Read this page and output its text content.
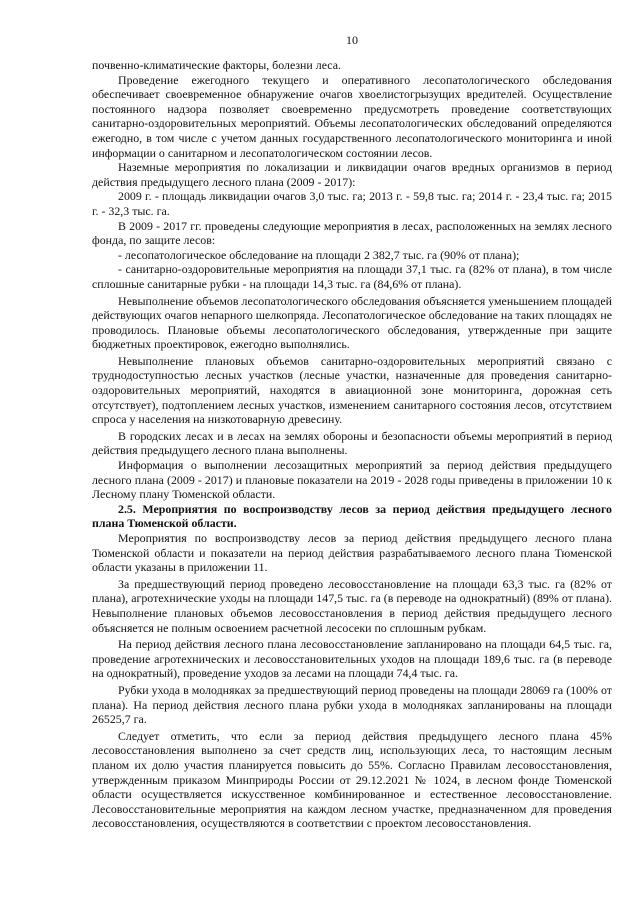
10

почвенно-климатические факторы, болезни леса.

Проведение ежегодного текущего и оперативного лесопатологического обследования обеспечивает своевременное обнаружение очагов хвоелистогрызущих вредителей. Осуществление постоянного надзора позволяет своевременно предусмотреть проведение соответствующих санитарно-оздоровительных мероприятий. Объемы лесопатологических обследований определяются ежегодно, в том числе с учетом данных государственного лесопатологического мониторинга и иной информации о санитарном и лесопатологическом состоянии лесов.

Наземные мероприятия по локализации и ликвидации очагов вредных организмов в период действия предыдущего лесного плана (2009 - 2017):

2009 г. - площадь ликвидации очагов 3,0 тыс. га; 2013 г. - 59,8 тыс. га; 2014 г. - 23,4 тыс. га; 2015 г. - 32,3 тыс. га.

В 2009 - 2017 гг. проведены следующие мероприятия в лесах, расположенных на землях лесного фонда, по защите лесов:

- лесопатологическое обследование на площади 2 382,7 тыс. га (90% от плана);

- санитарно-оздоровительные мероприятия на площади 37,1 тыс. га (82% от плана), в том числе сплошные санитарные рубки - на площади 14,3 тыс. га (84,6% от плана).

Невыполнение объемов лесопатологического обследования объясняется уменьшением площадей действующих очагов непарного шелкопряда. Лесопатологическое обследование на таких площадях не проводилось. Плановые объемы лесопатологического обследования, утвержденные при защите бюджетных проектировок, ежегодно выполнялись.

Невыполнение плановых объемов санитарно-оздоровительных мероприятий связано с труднодоступностью лесных участков (лесные участки, назначенные для проведения санитарно-оздоровительных мероприятий, находятся в авиационной зоне мониторинга, дорожная сеть отсутствует), подтоплением лесных участков, изменением санитарного состояния лесов, отсутствием спроса у населения на низкотоварную древесину.

В городских лесах и в лесах на землях обороны и безопасности объемы мероприятий в период действия предыдущего лесного плана выполнены.

Информация о выполнении лесозащитных мероприятий за период действия предыдущего лесного плана (2009 - 2017) и плановые показатели на 2019 - 2028 годы приведены в приложении 10 к Лесному плану Тюменской области.

2.5. Мероприятия по воспроизводству лесов за период действия предыдущего лесного плана Тюменской области.

Мероприятия по воспроизводству лесов за период действия предыдущего лесного плана Тюменской области и показатели на период действия разрабатываемого лесного плана Тюменской области указаны в приложении 11.

За предшествующий период проведено лесовосстановление на площади 63,3 тыс. га (82% от плана), агротехнические уходы на площади 147,5 тыс. га (в переводе на однократный) (89% от плана). Невыполнение плановых объемов лесовосстановления в период действия предыдущего лесного объясняется не полным освоением расчетной лесосеки по сплошным рубкам.

На период действия лесного плана лесовосстановление запланировано на площади 64,5 тыс. га, проведение агротехнических и лесовосстановительных уходов на площади 189,6 тыс. га (в переводе на однократный), проведение уходов за лесами на площади 74,4 тыс. га.

Рубки ухода в молодняках за предшествующий период проведены на площади 28069 га (100% от плана). На период действия лесного плана рубки ухода в молодняках запланированы на площади 26525,7 га.

Следует отметить, что если за период действия предыдущего лесного плана 45% лесовосстановления выполнено за счет средств лиц, использующих леса, то настоящим лесным планом их долю участия планируется повысить до 55%. Согласно Правилам лесовосстановления, утвержденным приказом Минприроды России от 29.12.2021 № 1024, в лесном фонде Тюменской области осуществляется искусственное комбинированное и естественное лесовосстановление. Лесовосстановительные мероприятия на каждом лесном участке, предназначенном для проведения лесовосстановления, осуществляются в соответствии с проектом лесовосстановления.
